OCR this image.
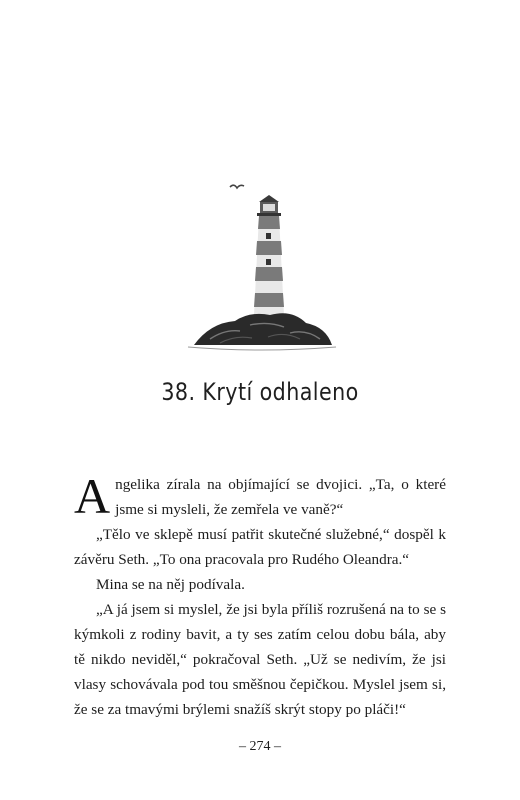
38. Krytí odhaleno

Angelika zírala na objímající se dvojici. „Ta, o které jsme si mysleli, že zemřela ve vaně?“

„Tělo ve sklepě musí patřit skutečné služebné,“ dospěl k závěru Seth. „To ona pracovala pro Rudého Oleandra.“

Mina se na něj podívala.

„A já jsem si myslel, že jsi byla příliš rozrušená na to se s kýmkoli z rodiny bavit, a ty ses zatím celou dobu bála, aby tě nikdo neviděl,“ pokračoval Seth. „Už se nedivím, že jsi vlasy schovávala pod tou směšnou čepičkou. Myslel jsem si, že se za tmavými brýlemi snažíš skrýt stopy po pláči!“

– 274 –
